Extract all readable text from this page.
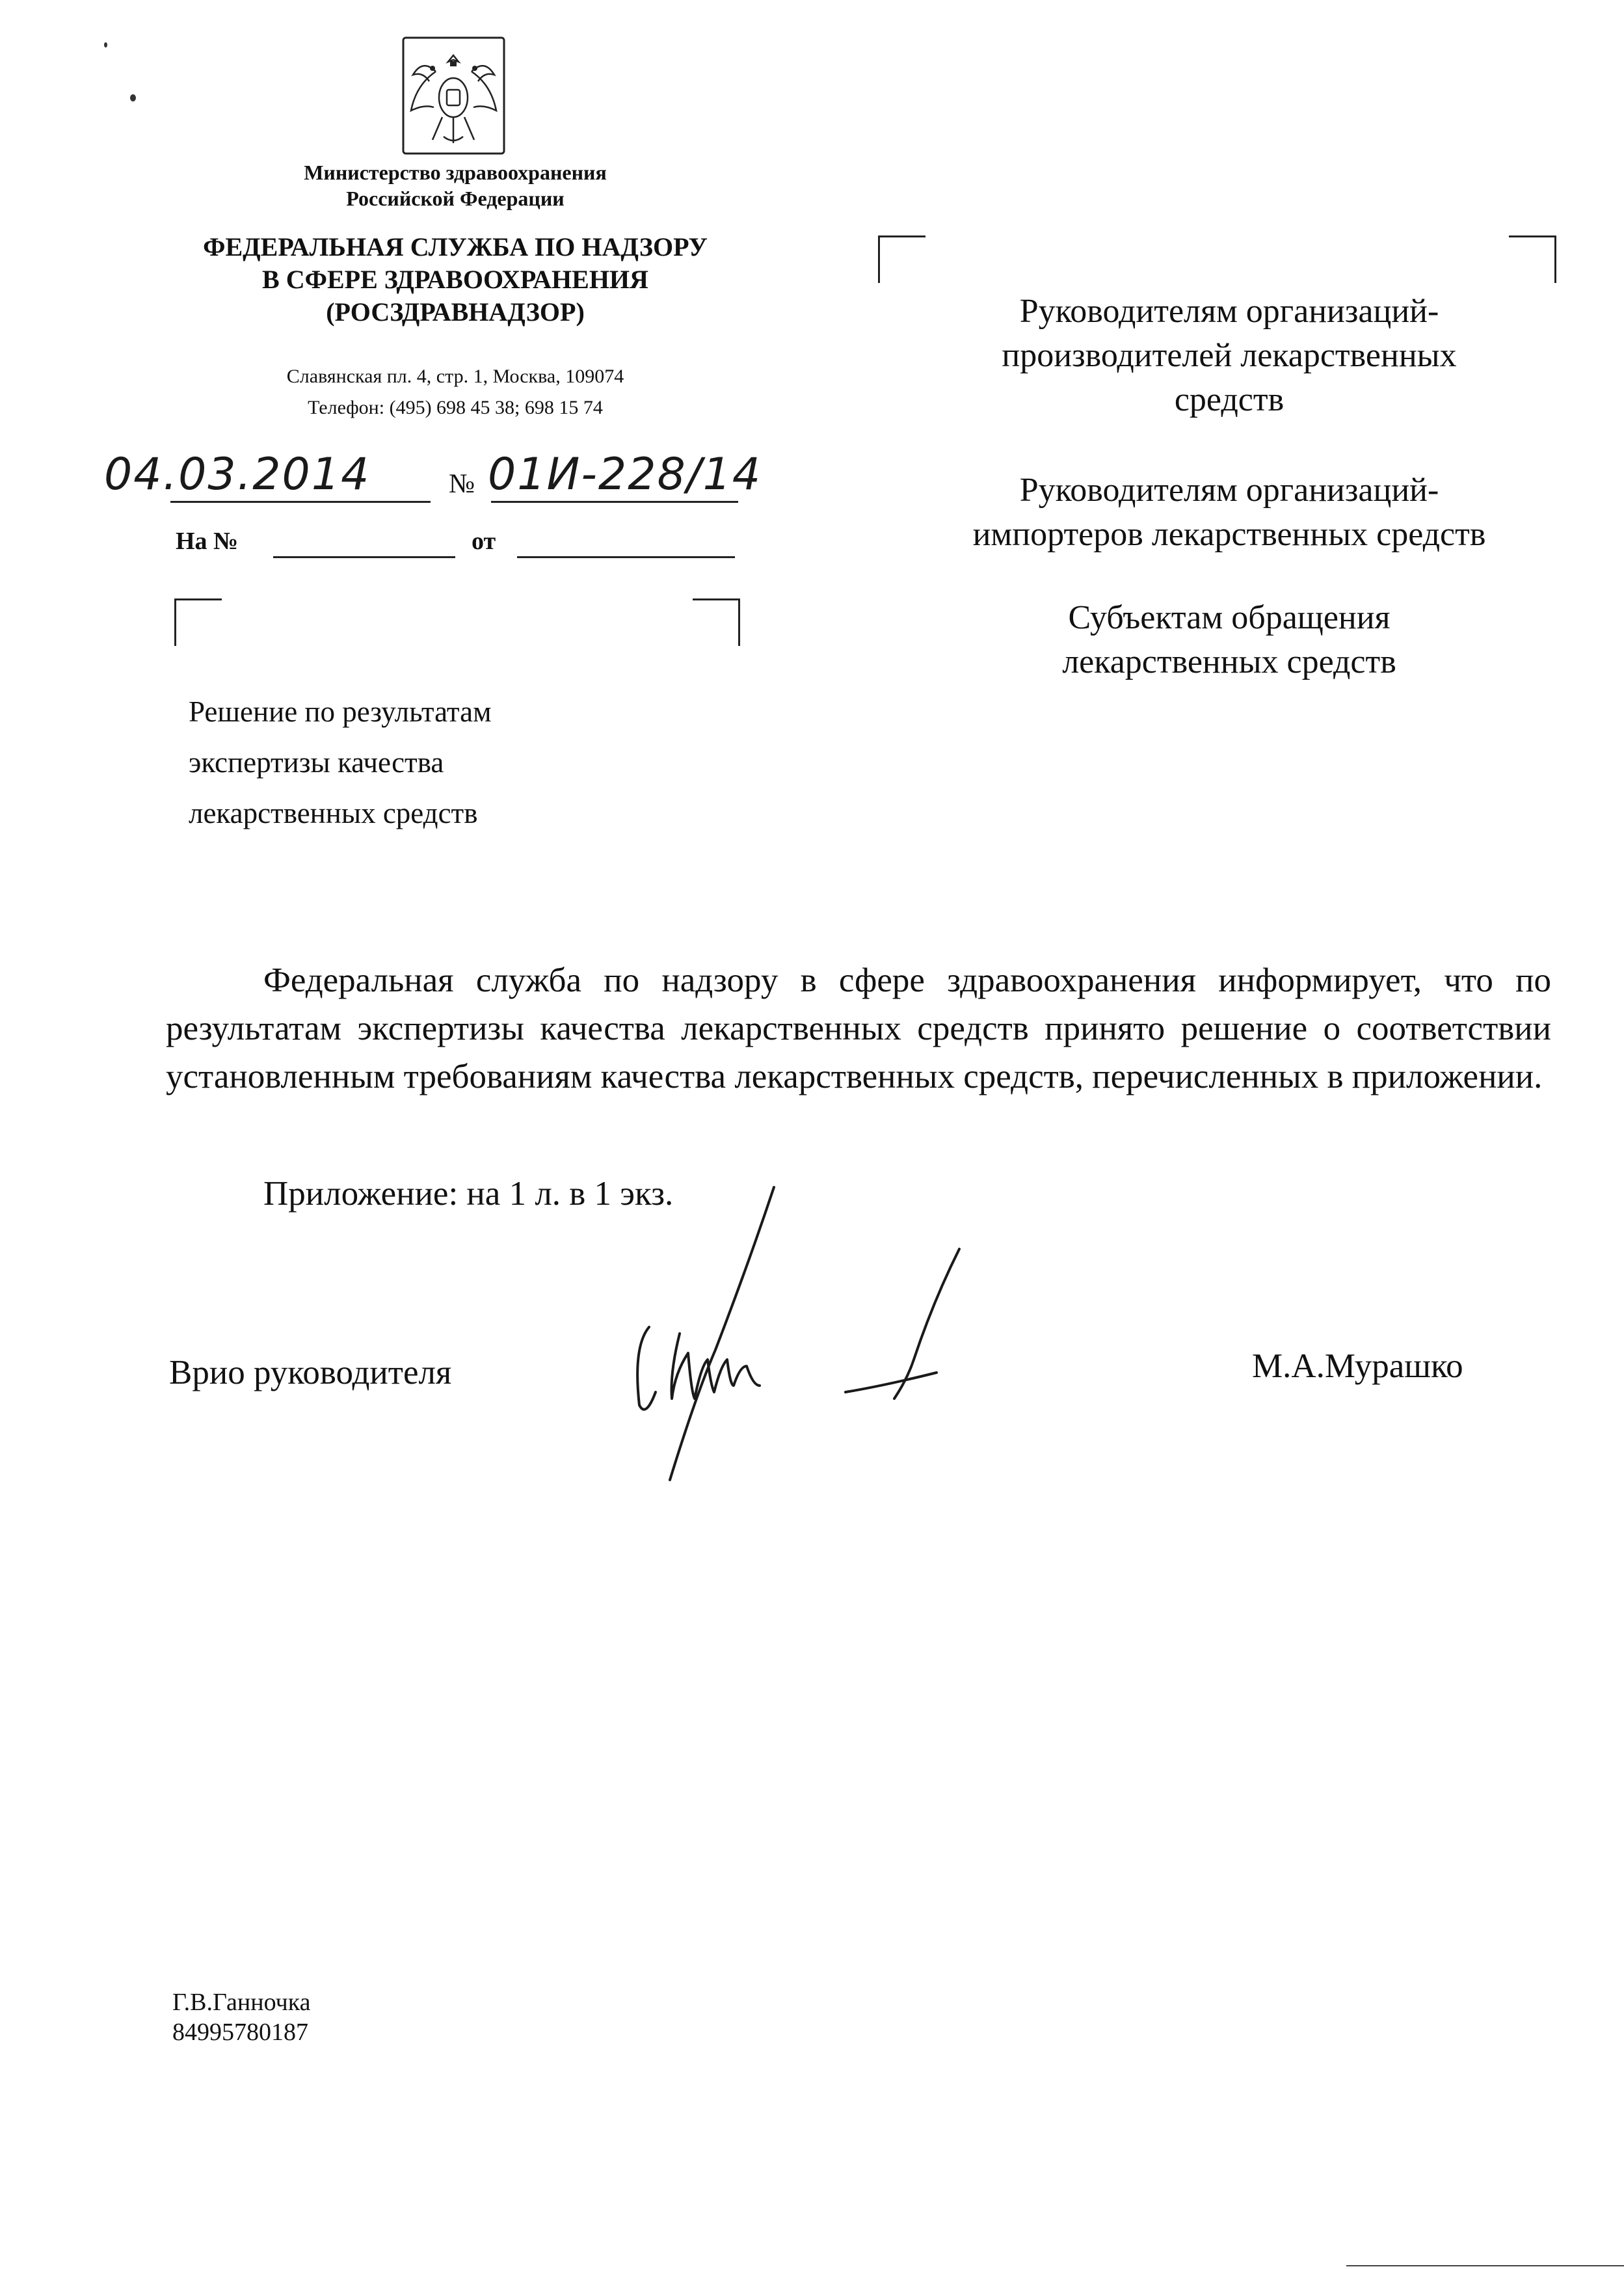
Министерство здравоохранения
Российской Федерации
ФЕДЕРАЛЬНАЯ СЛУЖБА ПО НАДЗОРУ
В СФЕРЕ ЗДРАВООХРАНЕНИЯ
(РОСЗДРАВНАДЗОР)
Славянская пл. 4, стр. 1, Москва, 109074
Телефон: (495) 698 45 38; 698 15 74
04.03.2014	№ 01И-228/14
На №	от
Решение по результатам
экспертизы качества
лекарственных средств
Руководителям организаций-
производителей лекарственных
средств
Руководителям организаций-
импортеров лекарственных средств
Субъектам обращения
лекарственных средств
Федеральная служба по надзору в сфере здравоохранения информирует, что по результатам экспертизы качества лекарственных средств принято решение о соответствии установленным требованиям качества лекарственных средств, перечисленных в приложении.
Приложение: на 1 л. в 1 экз.
Врио руководителя	М.А.Мурашко
Г.В.Ганночка
84995780187
